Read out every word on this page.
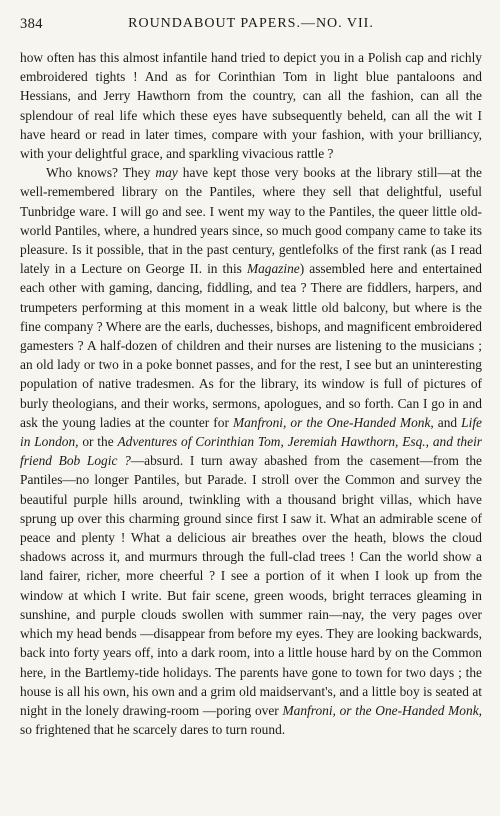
384	ROUNDABOUT PAPERS.—NO. VII.

how often has this almost infantile hand tried to depict you in a Polish cap and richly embroidered tights ! And as for Corinthian Tom in light blue pantaloons and Hessians, and Jerry Hawthorn from the country, can all the fashion, can all the splendour of real life which these eyes have subsequently beheld, can all the wit I have heard or read in later times, compare with your fashion, with your brilliancy, with your delightful grace, and sparkling vivacious rattle ?

Who knows? They may have kept those very books at the library still—at the well-remembered library on the Pantiles, where they sell that delightful, useful Tunbridge ware. I will go and see. I went my way to the Pantiles, the queer little old-world Pantiles, where, a hundred years since, so much good company came to take its pleasure. Is it possible, that in the past century, gentlefolks of the first rank (as I read lately in a Lecture on George II. in this Magazine) assembled here and entertained each other with gaming, dancing, fiddling, and tea ? There are fiddlers, harpers, and trumpeters performing at this moment in a weak little old balcony, but where is the fine company ? Where are the earls, duchesses, bishops, and magnificent embroidered gamesters ? A half-dozen of children and their nurses are listening to the musicians ; an old lady or two in a poke bonnet passes, and for the rest, I see but an uninteresting population of native tradesmen. As for the library, its window is full of pictures of burly theologians, and their works, sermons, apologues, and so forth. Can I go in and ask the young ladies at the counter for Manfroni, or the One-Handed Monk, and Life in London, or the Adventures of Corinthian Tom, Jeremiah Hawthorn, Esq., and their friend Bob Logic ?—absurd. I turn away abashed from the casement—from the Pantiles—no longer Pantiles, but Parade. I stroll over the Common and survey the beautiful purple hills around, twinkling with a thousand bright villas, which have sprung up over this charming ground since first I saw it. What an admirable scene of peace and plenty ! What a delicious air breathes over the heath, blows the cloud shadows across it, and murmurs through the full-clad trees ! Can the world show a land fairer, richer, more cheerful ? I see a portion of it when I look up from the window at which I write. But fair scene, green woods, bright terraces gleaming in sunshine, and purple clouds swollen with summer rain—nay, the very pages over which my head bends —disappear from before my eyes. They are looking backwards, back into forty years off, into a dark room, into a little house hard by on the Common here, in the Bartlemy-tide holidays. The parents have gone to town for two days ; the house is all his own, his own and a grim old maidservant's, and a little boy is seated at night in the lonely drawing-room —poring over Manfroni, or the One-Handed Monk, so frightened that he scarcely dares to turn round.
